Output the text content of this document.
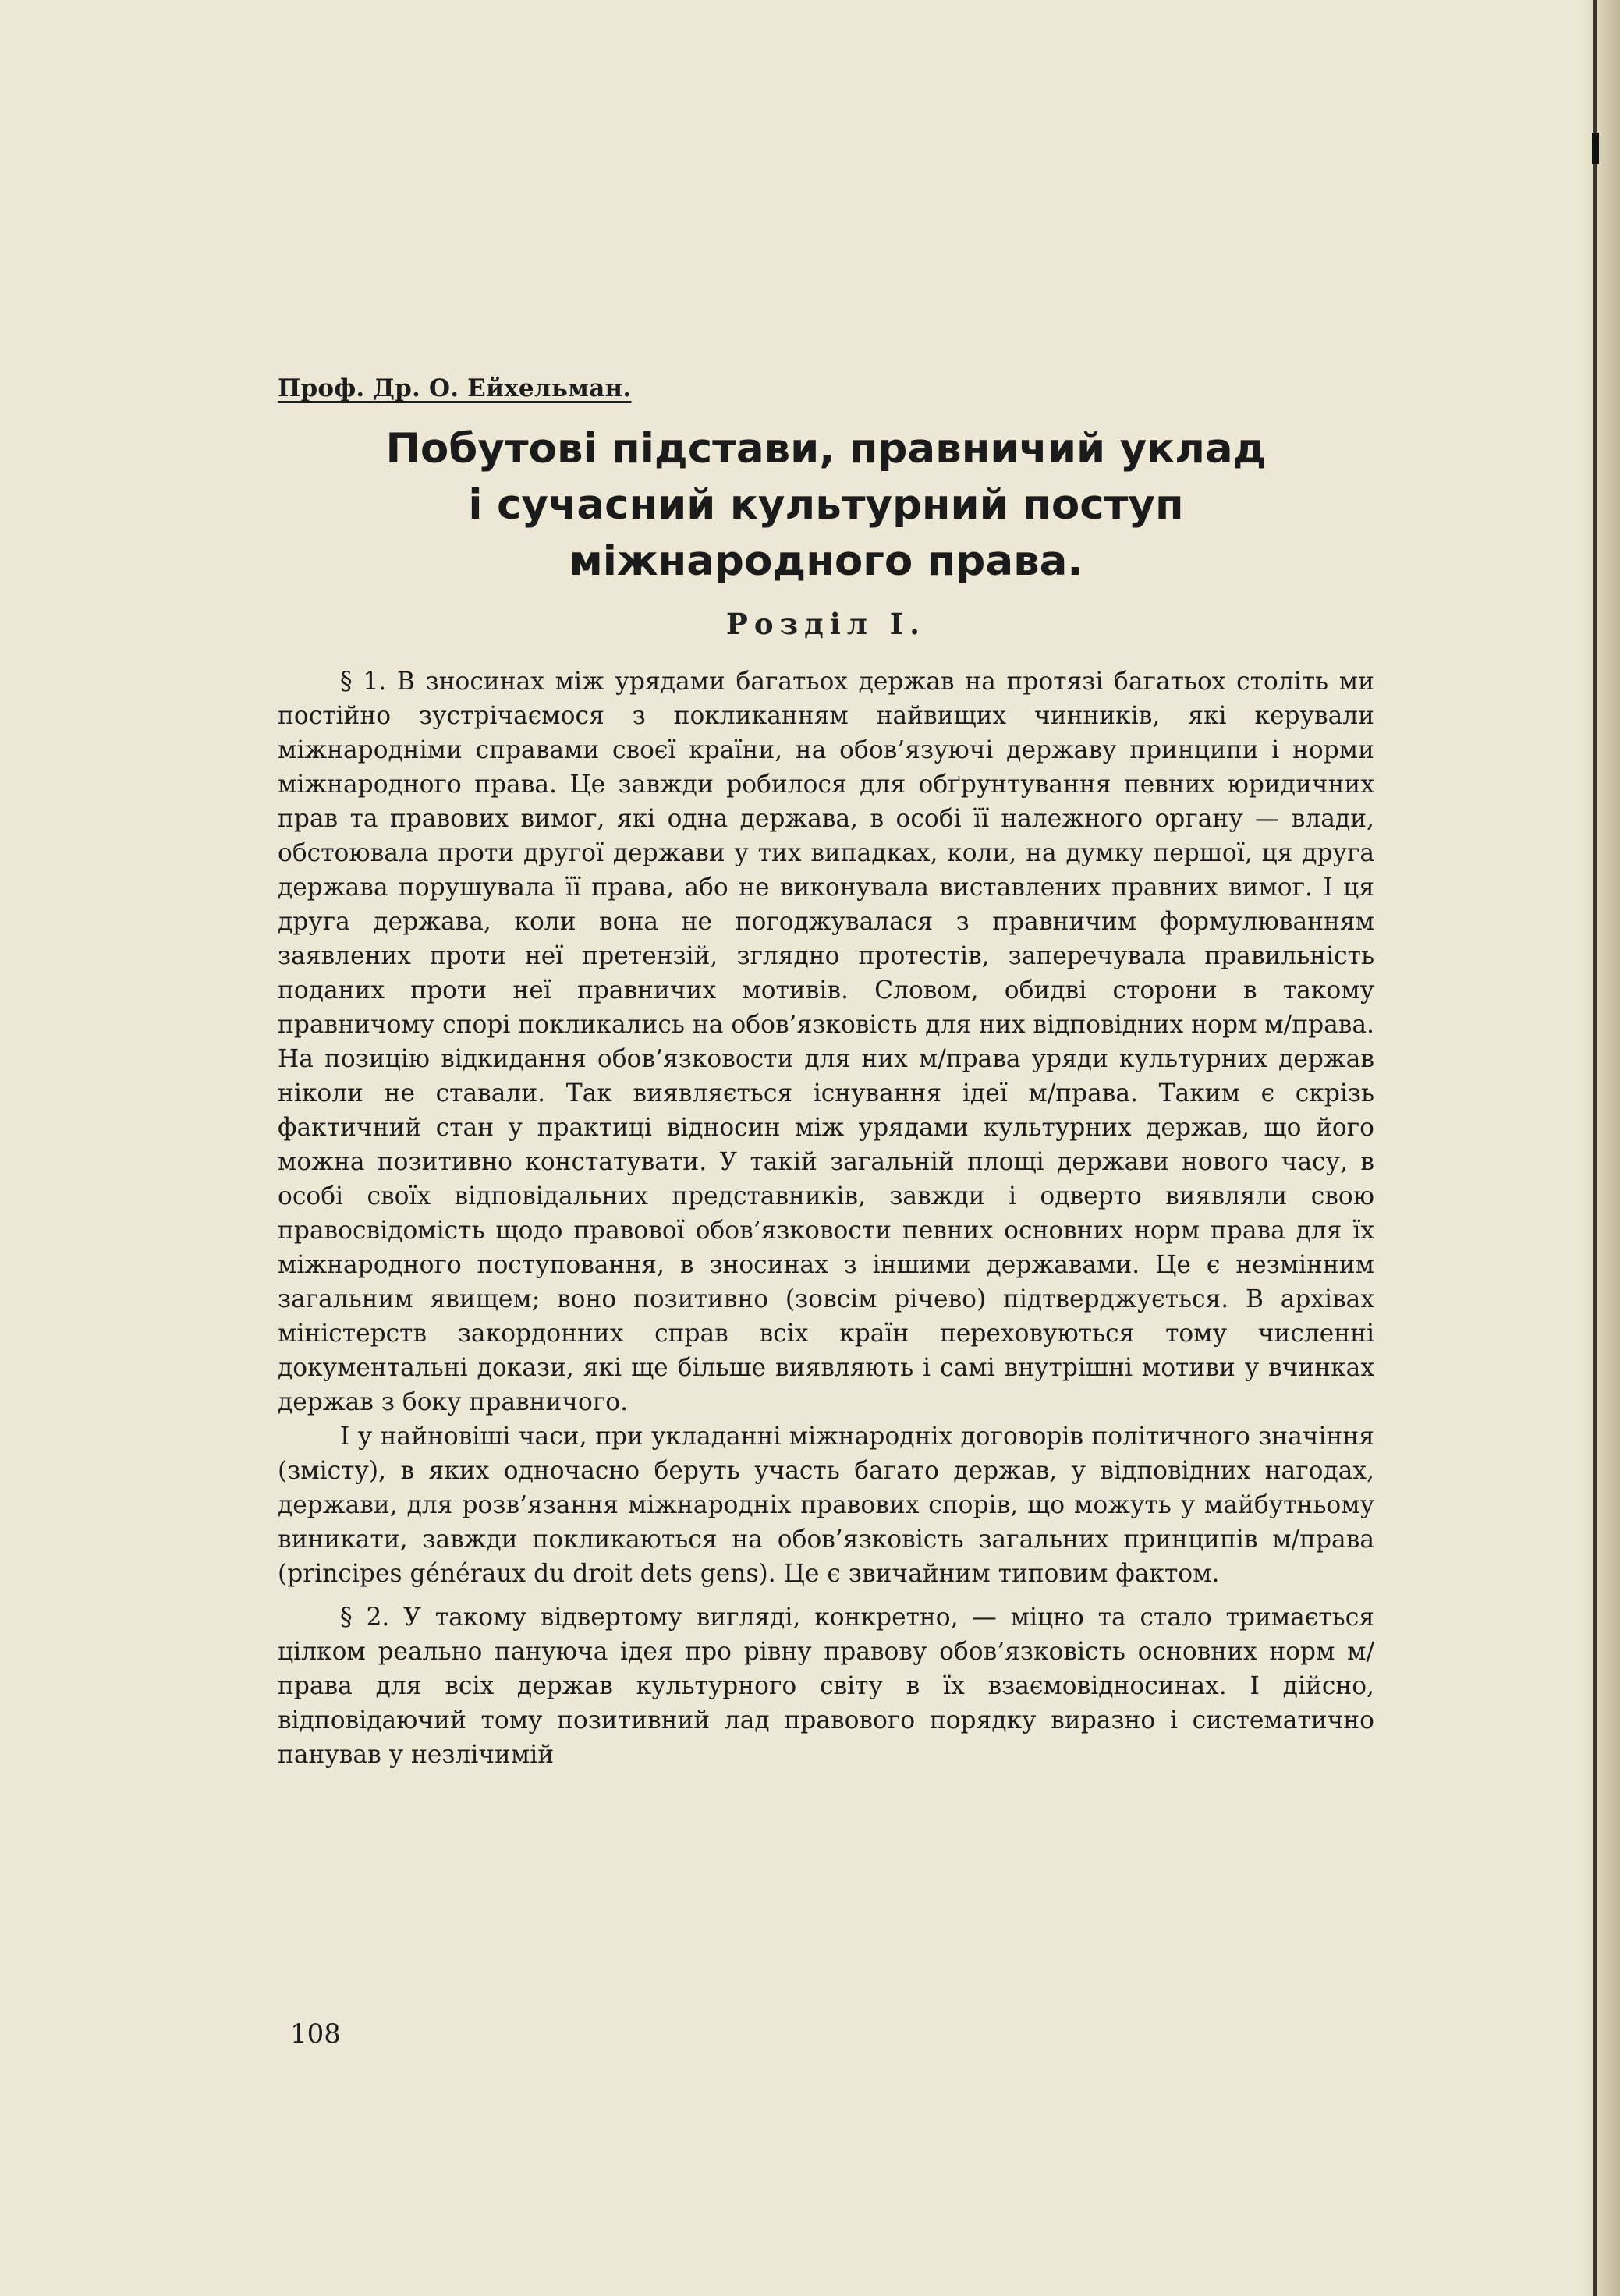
Проф. Др. О. Ейхельман.

Побутові підстави, правничий уклад
і сучасний культурний поступ
міжнародного права.
Розділ I.

§ 1. В зносинах між урядами багатьох держав на протязі багатьох століть ми постійно зустрічаємося з покликанням найвищих чинників, які керували міжнародніми справами своєї країни, на обов’язуючі державу принципи і норми міжнародного права. Це завжди робилося для обґрунтування певних юридичних прав та правових вимог, які одна держава, в особі її належного органу — влади, обстоювала проти другої держави у тих випадках, коли, на думку першої, ця друга держава порушувала її права, або не виконувала виставлених правних вимог. І ця друга держава, коли вона не погоджувалася з правничим формулюванням заявлених проти неї претензій, зглядно протестів, заперечувала правильність поданих проти неї правничих мотивів. Словом, обидві сторони в такому правничому спорі покликались на обов’язковість для них відповідних норм м/права. На позицію відкидання обов’язковости для них м/права уряди культурних держав ніколи не ставали. Так виявляється існування ідеї м/права. Таким є скрізь фактичний стан у практиці відносин між урядами культурних держав, що його можна позитивно констатувати. У такій загальній площі держави нового часу, в особі своїх відповідальних представників, завжди і одверто виявляли свою правосвідомість щодо правової обов’язковости певних основних норм права для їх міжнародного поступовання, в зносинах з іншими державами. Це є незмінним загальним явищем; воно позитивно (зовсім річево) підтверджується. В архівах міністерств закордонних справ всіх країн переховуються тому численні документальні докази, які ще більше виявляють і самі внутрішні мотиви у вчинках держав з боку правничого.

І у найновіші часи, при укладанні міжнародніх договорів політичного значіння (змісту), в яких одночасно беруть участь багато держав, у відповідних нагодах, держави, для розв’язання міжнародніх правових спорів, що можуть у майбутньому виникати, завжди покликаються на обов’язковість загальних принципів м/права (principes généraux du droit dets gens). Це є звичайним типовим фактом.

§ 2. У такому відвертому вигляді, конкретно, — міцно та стало тримається цілком реально пануюча ідея про рівну правову обов’язковість основних норм м/права для всіх держав культурного світу в їх взаємовідносинах. І дійсно, відповідаючий тому позитивний лад правового порядку виразно і систематично панував у незлічимій

108
